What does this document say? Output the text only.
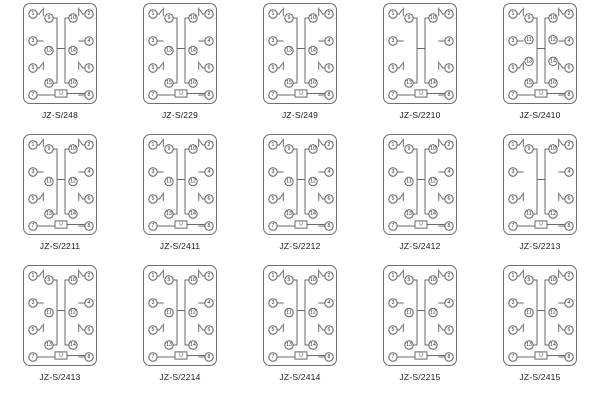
1
3
5
7
2
4
6
8
9
13
15
10
14
16
U
JZ-S/248
1
3
5
7
2
4
6
8
9
13
15
10
14
16
U
JZ-S/229
1
3
5
7
2
4
6
8
9
13
15
10
14
16
U
JZ-S/249
1
3
5
7
2
4
6
8
9
13
10
14
U
JZ-S/2210
1
3
5
7
2
4
6
8
9
11
13
15
10
12
14
16
U
JZ-S/2410
1
3
5
7
2
4
6
8
9
11
13
10
12
14
U
JZ-S/2211
1
3
5
7
2
4
6
8
9
11
13
10
12
14
U
JZ-S/2411
1
3
5
7
2
4
6
8
9
11
13
10
12
14
U
JZ-S/2212
1
3
5
7
2
4
6
8
9
11
13
10
12
14
U
JZ-S/2412
1
3
5
7
2
4
6
8
9
11
10
12
U
JZ-S/2213
1
3
5
7
2
4
6
8
9
11
13
10
12
14
U
JZ-S/2413
1
3
5
7
2
4
6
8
9
11
13
10
12
14
U
JZ-S/2214
1
3
5
7
2
4
6
8
9
11
13
10
12
14
U
JZ-S/2414
1
3
5
7
2
4
6
8
9
11
13
10
12
14
U
JZ-S/2215
1
3
5
7
2
4
6
8
9
11
13
10
12
14
U
JZ-S/2415
